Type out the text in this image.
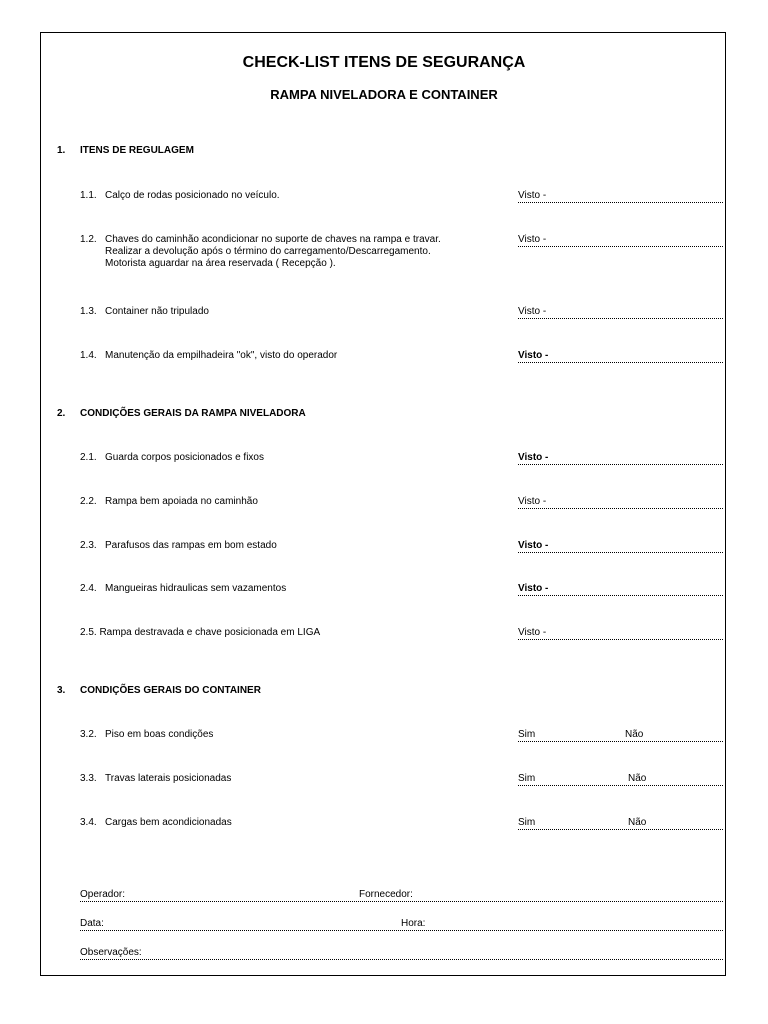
CHECK-LIST ITENS DE SEGURANÇA
RAMPA NIVELADORA E CONTAINER
1. ITENS DE REGULAGEM
1.1. Calço de rodas posicionado no veículo.	Visto -
1.2. Chaves do caminhão acondicionar no suporte de chaves na rampa e travar.
Realizar a devolução após o término do carregamento/Descarregamento.
Motorista aguardar na área reservada ( Recepção ).
Visto -
1.3. Container não tripulado	Visto -
1.4. Manutenção da empilhadeira "ok", visto do operador	Visto -
2. CONDIÇÕES GERAIS DA RAMPA NIVELADORA
2.1. Guarda corpos posicionados e fixos	Visto -
2.2. Rampa bem apoiada no caminhão	Visto -
2.3. Parafusos das rampas em bom estado	Visto -
2.4. Mangueiras hidraulicas sem vazamentos	Visto -
2.5. Rampa destravada e chave posicionada em LIGA	Visto -
3. CONDIÇÕES GERAIS DO CONTAINER
3.2. Piso em boas condições	Sim	Não
3.3. Travas laterais posicionadas	Sim	Não
3.4. Cargas bem acondicionadas	Sim	Não
Operador:	Fornecedor:
Data:	Hora:
Observações:
